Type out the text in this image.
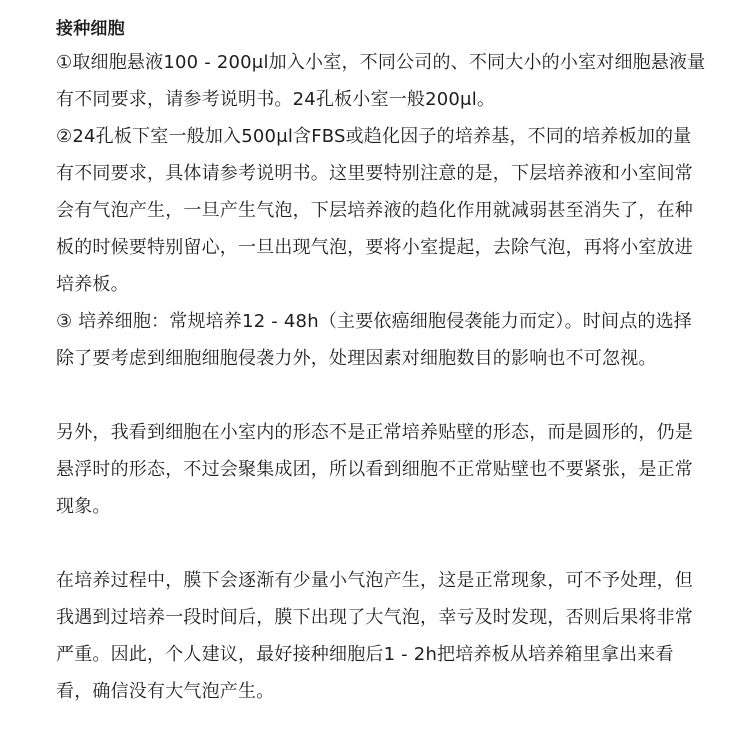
接种细胞

①取细胞悬液100 - 200μl加入小室，不同公司的、不同大小的小室对细胞悬液量有不同要求，请参考说明书。24孔板小室一般200μl。

②24孔板下室一般加入500μl含FBS或趋化因子的培养基，不同的培养板加的量有不同要求，具体请参考说明书。这里要特别注意的是，下层培养液和小室间常会有气泡产生，一旦产生气泡，下层培养液的趋化作用就减弱甚至消失了，在种板的时候要特别留心，一旦出现气泡，要将小室提起，去除气泡，再将小室放进培养板。

③ 培养细胞：常规培养12 - 48h（主要依癌细胞侵袭能力而定）。时间点的选择除了要考虑到细胞细胞侵袭力外，处理因素对细胞数目的影响也不可忽视。

另外，我看到细胞在小室内的形态不是正常培养贴壁的形态，而是圆形的，仍是悬浮时的形态，不过会聚集成团，所以看到细胞不正常贴壁也不要紧张，是正常现象。

在培养过程中，膜下会逐渐有少量小气泡产生，这是正常现象，可不予处理，但我遇到过培养一段时间后，膜下出现了大气泡，幸亏及时发现，否则后果将非常严重。因此，个人建议，最好接种细胞后1 - 2h把培养板从培养箱里拿出来看看，确信没有大气泡产生。
